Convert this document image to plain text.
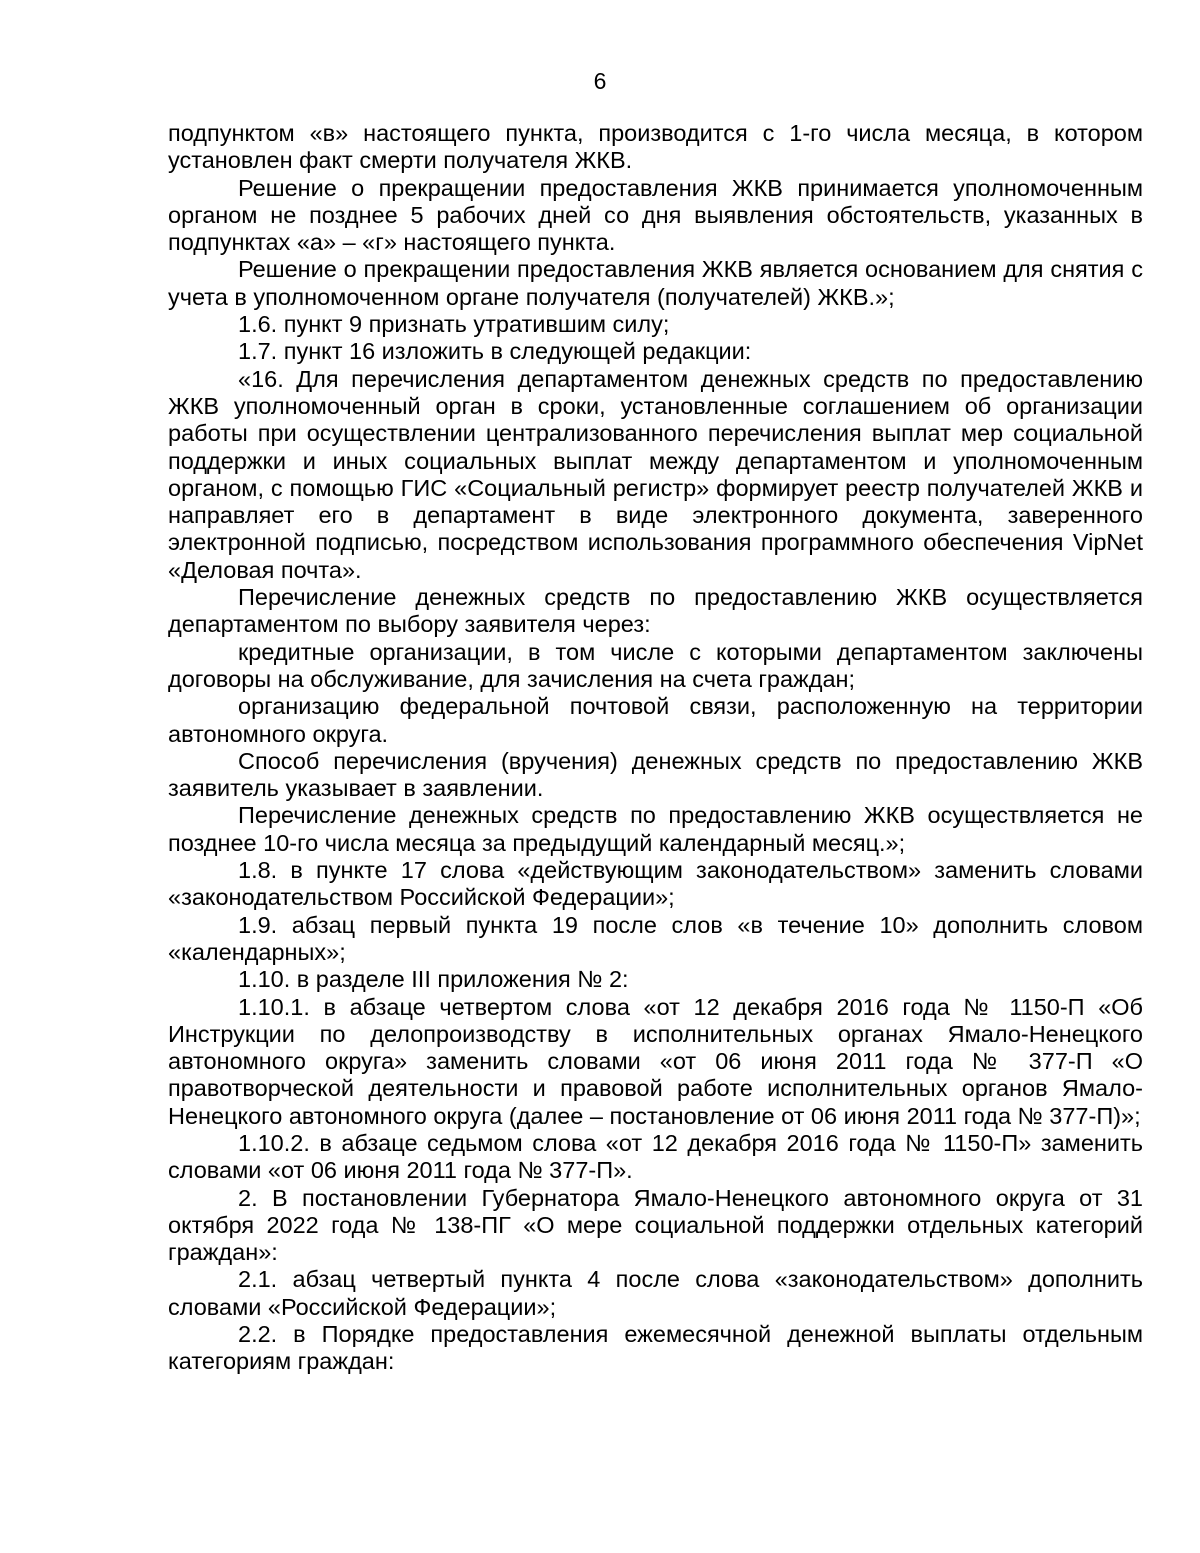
6

подпунктом «в» настоящего пункта, производится с 1-го числа месяца, в котором установлен факт смерти получателя ЖКВ.

Решение о прекращении предоставления ЖКВ принимается уполномоченным органом не позднее 5 рабочих дней со дня выявления обстоятельств, указанных в подпунктах «а» – «г» настоящего пункта.

Решение о прекращении предоставления ЖКВ является основанием для снятия с учета в уполномоченном органе получателя (получателей) ЖКВ.»;

1.6. пункт 9 признать утратившим силу;

1.7. пункт 16 изложить в следующей редакции:

«16. Для перечисления департаментом денежных средств по предоставлению ЖКВ уполномоченный орган в сроки, установленные соглашением об организации работы при осуществлении централизованного перечисления выплат мер социальной поддержки и иных социальных выплат между департаментом и уполномоченным органом, с помощью ГИС «Социальный регистр» формирует реестр получателей ЖКВ и направляет его в департамент в виде электронного документа, заверенного электронной подписью, посредством использования программного обеспечения VipNet «Деловая почта».

Перечисление денежных средств по предоставлению ЖКВ осуществляется департаментом по выбору заявителя через:

кредитные организации, в том числе с которыми департаментом заключены договоры на обслуживание, для зачисления на счета граждан;

организацию федеральной почтовой связи, расположенную на территории автономного округа.

Способ перечисления (вручения) денежных средств по предоставлению ЖКВ заявитель указывает в заявлении.

Перечисление денежных средств по предоставлению ЖКВ осуществляется не позднее 10-го числа месяца за предыдущий календарный месяц.»;

1.8. в пункте 17 слова «действующим законодательством» заменить словами «законодательством Российской Федерации»;

1.9. абзац первый пункта 19 после слов «в течение 10» дополнить словом «календарных»;

1.10. в разделе III приложения № 2:

1.10.1. в абзаце четвертом слова «от 12 декабря 2016 года № 1150-П «Об Инструкции по делопроизводству в исполнительных органах Ямало-Ненецкого автономного округа» заменить словами «от 06 июня 2011 года № 377-П «О правотворческой деятельности и правовой работе исполнительных органов Ямало-Ненецкого автономного округа (далее – постановление от 06 июня 2011 года № 377-П)»;

1.10.2. в абзаце седьмом слова «от 12 декабря 2016 года № 1150-П» заменить словами «от 06 июня 2011 года № 377-П».

2. В постановлении Губернатора Ямало-Ненецкого автономного округа от 31 октября 2022 года № 138-ПГ «О мере социальной поддержки отдельных категорий граждан»:

2.1. абзац четвертый пункта 4 после слова «законодательством» дополнить словами «Российской Федерации»;

2.2. в Порядке предоставления ежемесячной денежной выплаты отдельным категориям граждан:
